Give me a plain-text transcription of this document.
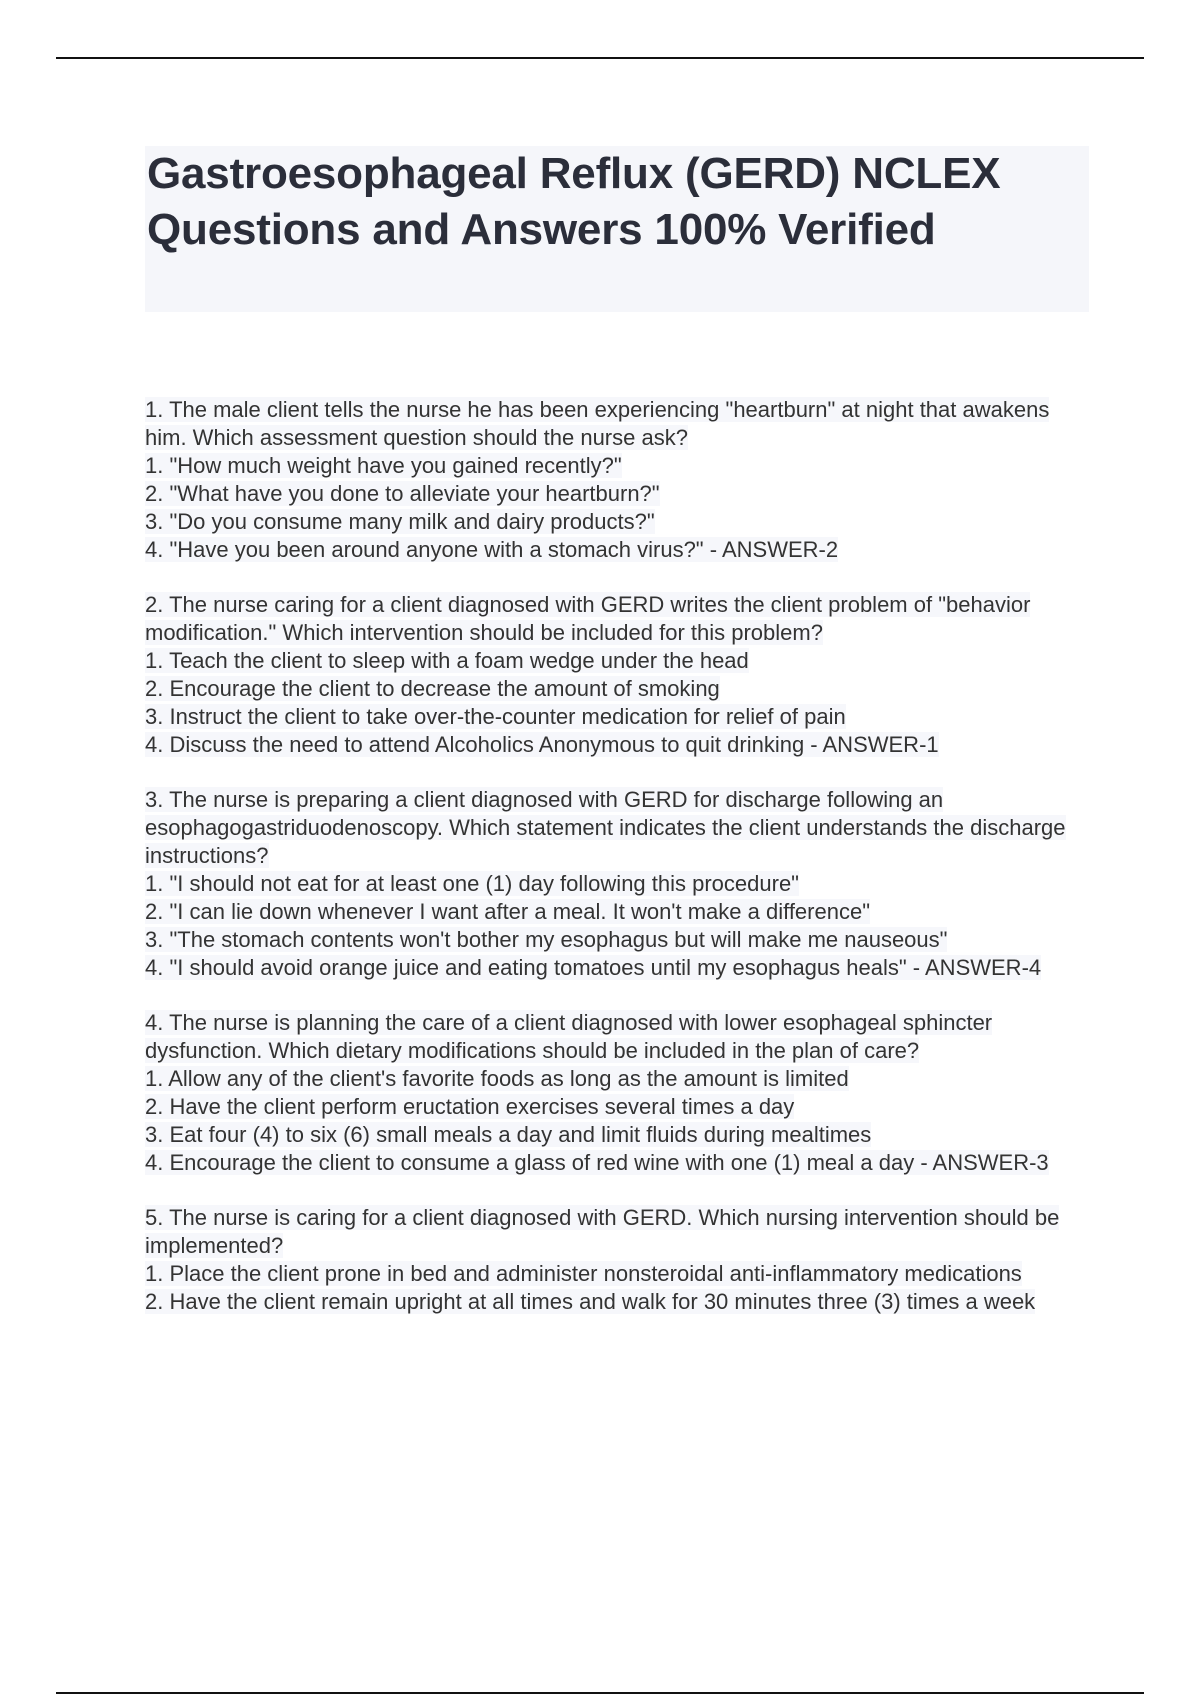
Gastroesophageal Reflux (GERD) NCLEX Questions and Answers 100% Verified

1. The male client tells the nurse he has been experiencing "heartburn" at night that awakens him. Which assessment question should the nurse ask?

1. "How much weight have you gained recently?"

2. "What have you done to alleviate your heartburn?"

3. "Do you consume many milk and dairy products?"

4. "Have you been around anyone with a stomach virus?" - ANSWER-2

2. The nurse caring for a client diagnosed with GERD writes the client problem of "behavior modification." Which intervention should be included for this problem?

1. Teach the client to sleep with a foam wedge under the head

2. Encourage the client to decrease the amount of smoking

3. Instruct the client to take over-the-counter medication for relief of pain

4. Discuss the need to attend Alcoholics Anonymous to quit drinking - ANSWER-1

3. The nurse is preparing a client diagnosed with GERD for discharge following an esophagogastriduodenoscopy. Which statement indicates the client understands the discharge instructions?

1. "I should not eat for at least one (1) day following this procedure"

2. "I can lie down whenever I want after a meal. It won't make a difference"

3. "The stomach contents won't bother my esophagus but will make me nauseous"

4. "I should avoid orange juice and eating tomatoes until my esophagus heals" - ANSWER-4

4. The nurse is planning the care of a client diagnosed with lower esophageal sphincter dysfunction. Which dietary modifications should be included in the plan of care?

1. Allow any of the client's favorite foods as long as the amount is limited

2. Have the client perform eructation exercises several times a day

3. Eat four (4) to six (6) small meals a day and limit fluids during mealtimes

4. Encourage the client to consume a glass of red wine with one (1) meal a day - ANSWER-3

5. The nurse is caring for a client diagnosed with GERD. Which nursing intervention should be implemented?

1. Place the client prone in bed and administer nonsteroidal anti-inflammatory medications

2. Have the client remain upright at all times and walk for 30 minutes three (3) times a week
